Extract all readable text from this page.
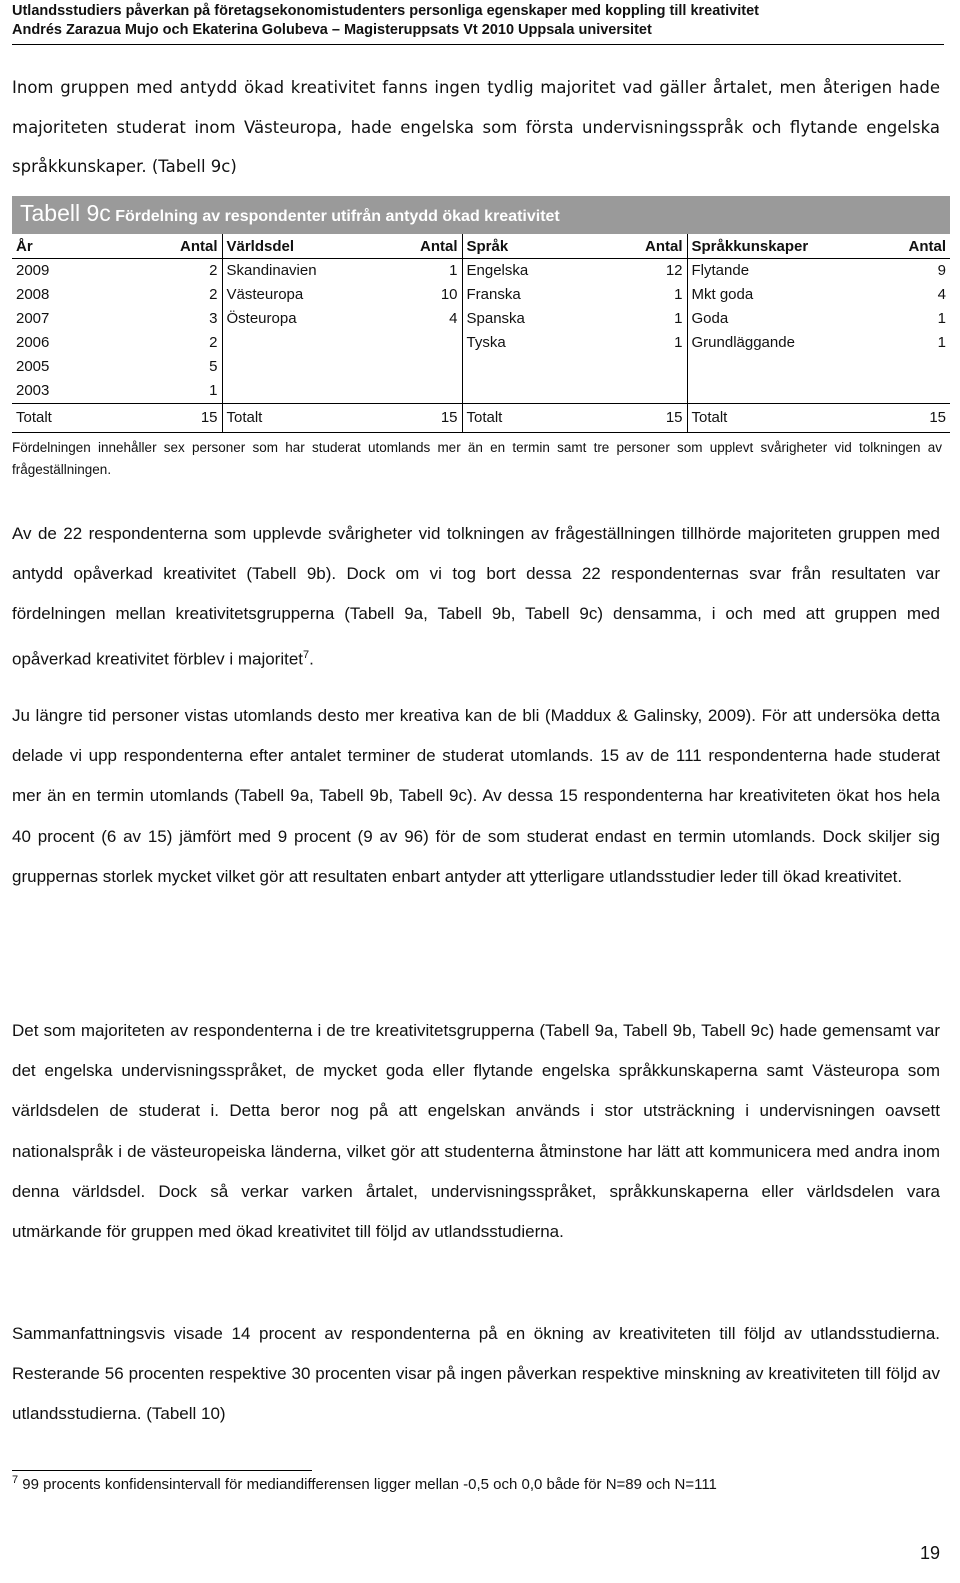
Utlandsstudiers påverkan på företagsekonomistudenters personliga egenskaper med koppling till kreativitet
Andrés Zarazua Mujo och Ekaterina Golubeva – Magisteruppsats Vt 2010 Uppsala universitet

Inom gruppen med antydd ökad kreativitet fanns ingen tydlig majoritet vad gäller årtalet, men återigen hade majoriteten studerat inom Västeuropa, hade engelska som första undervisningsspråk och flytande engelska språkkunskaper. (Tabell 9c)

Tabell 9c Fördelning av respondenter utifrån antydd ökad kreativitet
År	Antal	Världsdel	Antal	Språk	Antal	Språkkunskaper	Antal
2009	2	Skandinavien	1	Engelska	12	Flytande	9
2008	2	Västeuropa	10	Franska	1	Mkt goda	4
2007	3	Östeuropa	4	Spanska	1	Goda	1
2006	2			Tyska	1	Grundläggande	1
2005	5						
2003	1						
Totalt	15	Totalt	15	Totalt	15	Totalt	15

Fördelningen innehåller sex personer som har studerat utomlands mer än en termin samt tre personer som upplevt svårigheter vid tolkningen av frågeställningen.

Av de 22 respondenterna som upplevde svårigheter vid tolkningen av frågeställningen tillhörde majoriteten gruppen med antydd opåverkad kreativitet (Tabell 9b). Dock om vi tog bort dessa 22 respondenternas svar från resultaten var fördelningen mellan kreativitetsgrupperna (Tabell 9a, Tabell 9b, Tabell 9c) densamma, i och med att gruppen med opåverkad kreativitet förblev i majoritet$^7$.

Ju längre tid personer vistas utomlands desto mer kreativa kan de bli (Maddux & Galinsky, 2009). För att undersöka detta delade vi upp respondenterna efter antalet terminer de studerat utomlands. 15 av de 111 respondenterna hade studerat mer än en termin utomlands (Tabell 9a, Tabell 9b, Tabell 9c). Av dessa 15 respondenterna har kreativiteten ökat hos hela 40 procent (6 av 15) jämfört med 9 procent (9 av 96) för de som studerat endast en termin utomlands. Dock skiljer sig gruppernas storlek mycket vilket gör att resultaten enbart antyder att ytterligare utlandsstudier leder till ökad kreativitet.

Det som majoriteten av respondenterna i de tre kreativitetsgrupperna (Tabell 9a, Tabell 9b, Tabell 9c) hade gemensamt var det engelska undervisningsspråket, de mycket goda eller flytande engelska språkkunskaperna samt Västeuropa som världsdelen de studerat i. Detta beror nog på att engelskan används i stor utsträckning i undervisningen oavsett nationalspråk i de västeuropeiska länderna, vilket gör att studenterna åtminstone har lätt att kommunicera med andra inom denna världsdel. Dock så verkar varken årtalet, undervisningsspråket, språkkunskaperna eller världsdelen vara utmärkande för gruppen med ökad kreativitet till följd av utlandsstudierna.

Sammanfattningsvis visade 14 procent av respondenterna på en ökning av kreativiteten till följd av utlandsstudierna. Resterande 56 procenten respektive 30 procenten visar på ingen påverkan respektive minskning av kreativiteten till följd av utlandsstudierna. (Tabell 10)

$^7$ 99 procents konfidensintervall för mediandifferensen ligger mellan -0,5 och 0,0 både för N=89 och N=111
19
